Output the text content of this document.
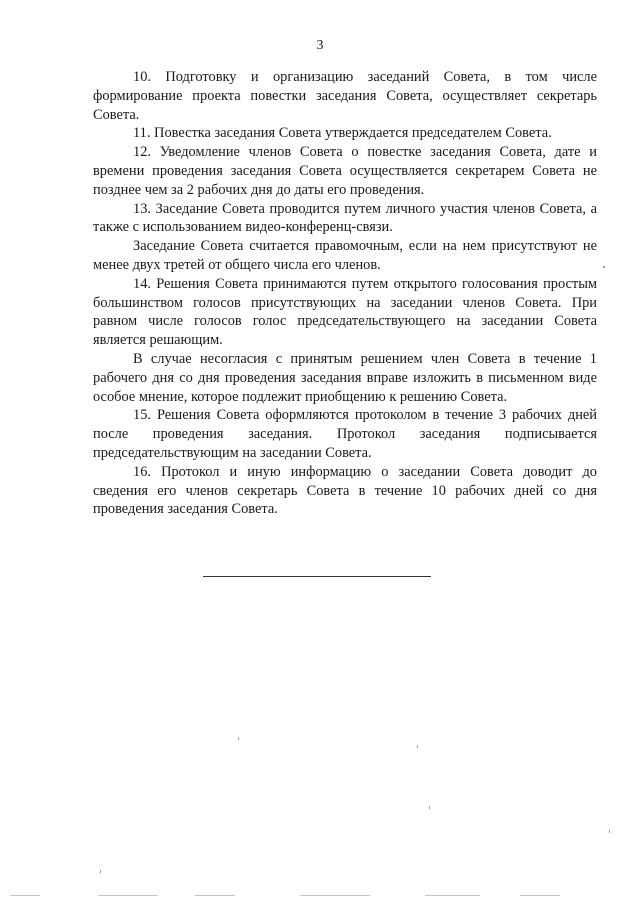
3

10. Подготовку и организацию заседаний Совета, в том числе формирование проекта повестки заседания Совета, осуществляет секретарь Совета.

11. Повестка заседания Совета утверждается председателем Совета.

12. Уведомление членов Совета о повестке заседания Совета, дате и времени проведения заседания Совета осуществляется секретарем Совета не позднее чем за 2 рабочих дня до даты его проведения.

13. Заседание Совета проводится путем личного участия членов Совета, а также с использованием видео-конференц-связи.

Заседание Совета считается правомочным, если на нем присутствуют не менее двух третей от общего числа его членов.

14. Решения Совета принимаются путем открытого голосования простым большинством голосов присутствующих на заседании членов Совета. При равном числе голосов голос председательствующего на заседании Совета является решающим.

В случае несогласия с принятым решением член Совета в течение 1 рабочего дня со дня проведения заседания вправе изложить в письменном виде особое мнение, которое подлежит приобщению к решению Совета.

15. Решения Совета оформляются протоколом в течение 3 рабочих дней после проведения заседания. Протокол заседания подписывается председательствующим на заседании Совета.

16. Протокол и иную информацию о заседании Совета доводит до сведения его членов секретарь Совета в течение 10 рабочих дней со дня проведения заседания Совета.
